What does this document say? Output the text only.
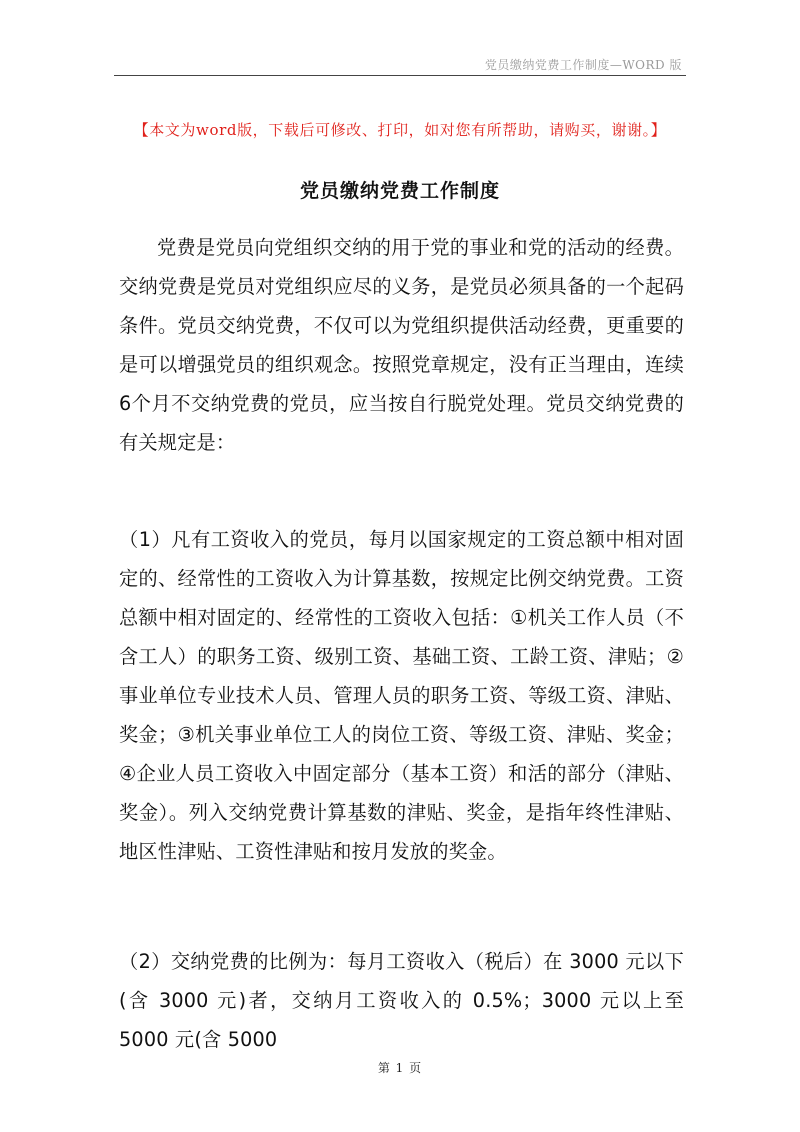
党员缴纳党费工作制度—WORD 版
【本文为word版，下载后可修改、打印，如对您有所帮助，请购买，谢谢。】
党员缴纳党费工作制度

党费是党员向党组织交纳的用于党的事业和党的活动的经费。交纳党费是党员对党组织应尽的义务，是党员必须具备的一个起码条件。党员交纳党费，不仅可以为党组织提供活动经费，更重要的是可以增强党员的组织观念。按照党章规定，没有正当理由，连续6个月不交纳党费的党员，应当按自行脱党处理。党员交纳党费的有关规定是：

（1）凡有工资收入的党员，每月以国家规定的工资总额中相对固定的、经常性的工资收入为计算基数，按规定比例交纳党费。工资总额中相对固定的、经常性的工资收入包括：①机关工作人员（不含工人）的职务工资、级别工资、基础工资、工龄工资、津贴；②事业单位专业技术人员、管理人员的职务工资、等级工资、津贴、奖金；③机关事业单位工人的岗位工资、等级工资、津贴、奖金；④企业人员工资收入中固定部分（基本工资）和活的部分（津贴、奖金）。列入交纳党费计算基数的津贴、奖金，是指年终性津贴、地区性津贴、工资性津贴和按月发放的奖金。

（2）交纳党费的比例为：每月工资收入（税后）在 3000 元以下(含 3000 元)者，交纳月工资收入的 0.5%；3000 元以上至 5000 元(含 5000

第 1 页
